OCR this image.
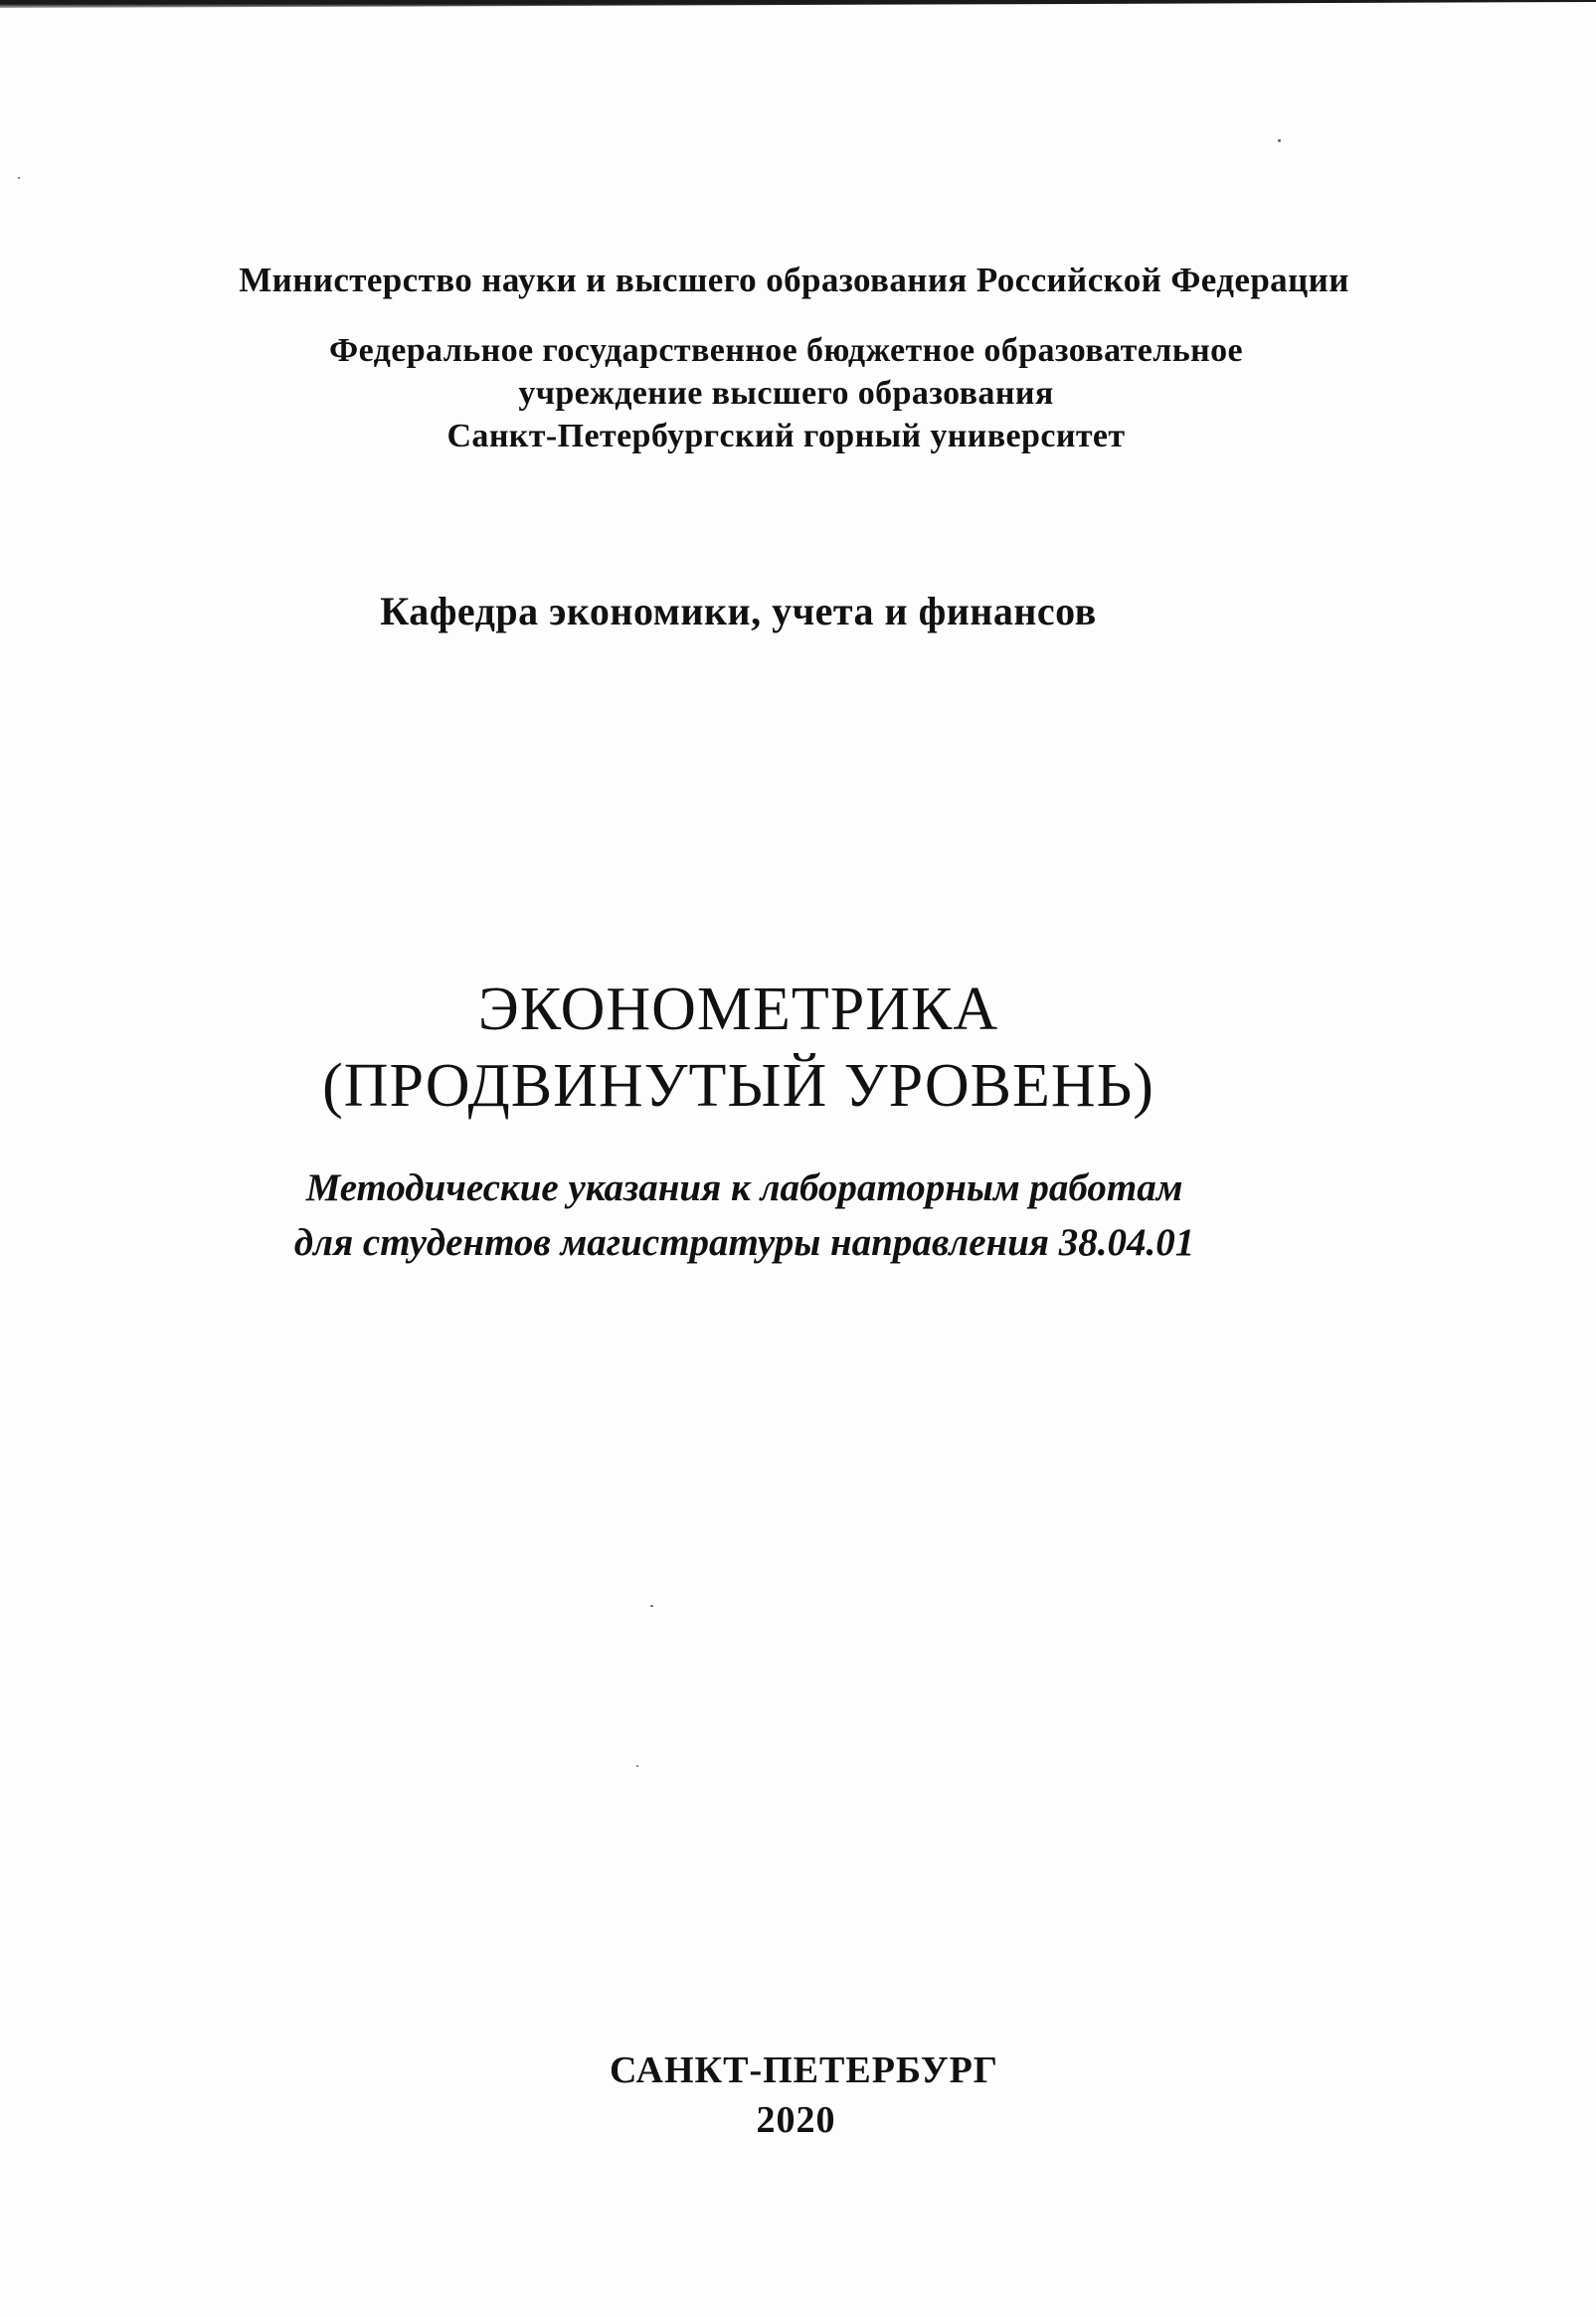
Министерство науки и высшего образования Российской Федерации
Федеральное государственное бюджетное образовательное
учреждение высшего образования
Санкт-Петербургский горный университет
Кафедра экономики, учета и финансов
ЭКОНОМЕТРИКА
(ПРОДВИНУТЫЙ УРОВЕНЬ)
Методические указания к лабораторным работам
для студентов магистратуры направления 38.04.01
САНКТ-ПЕТЕРБУРГ
2020
